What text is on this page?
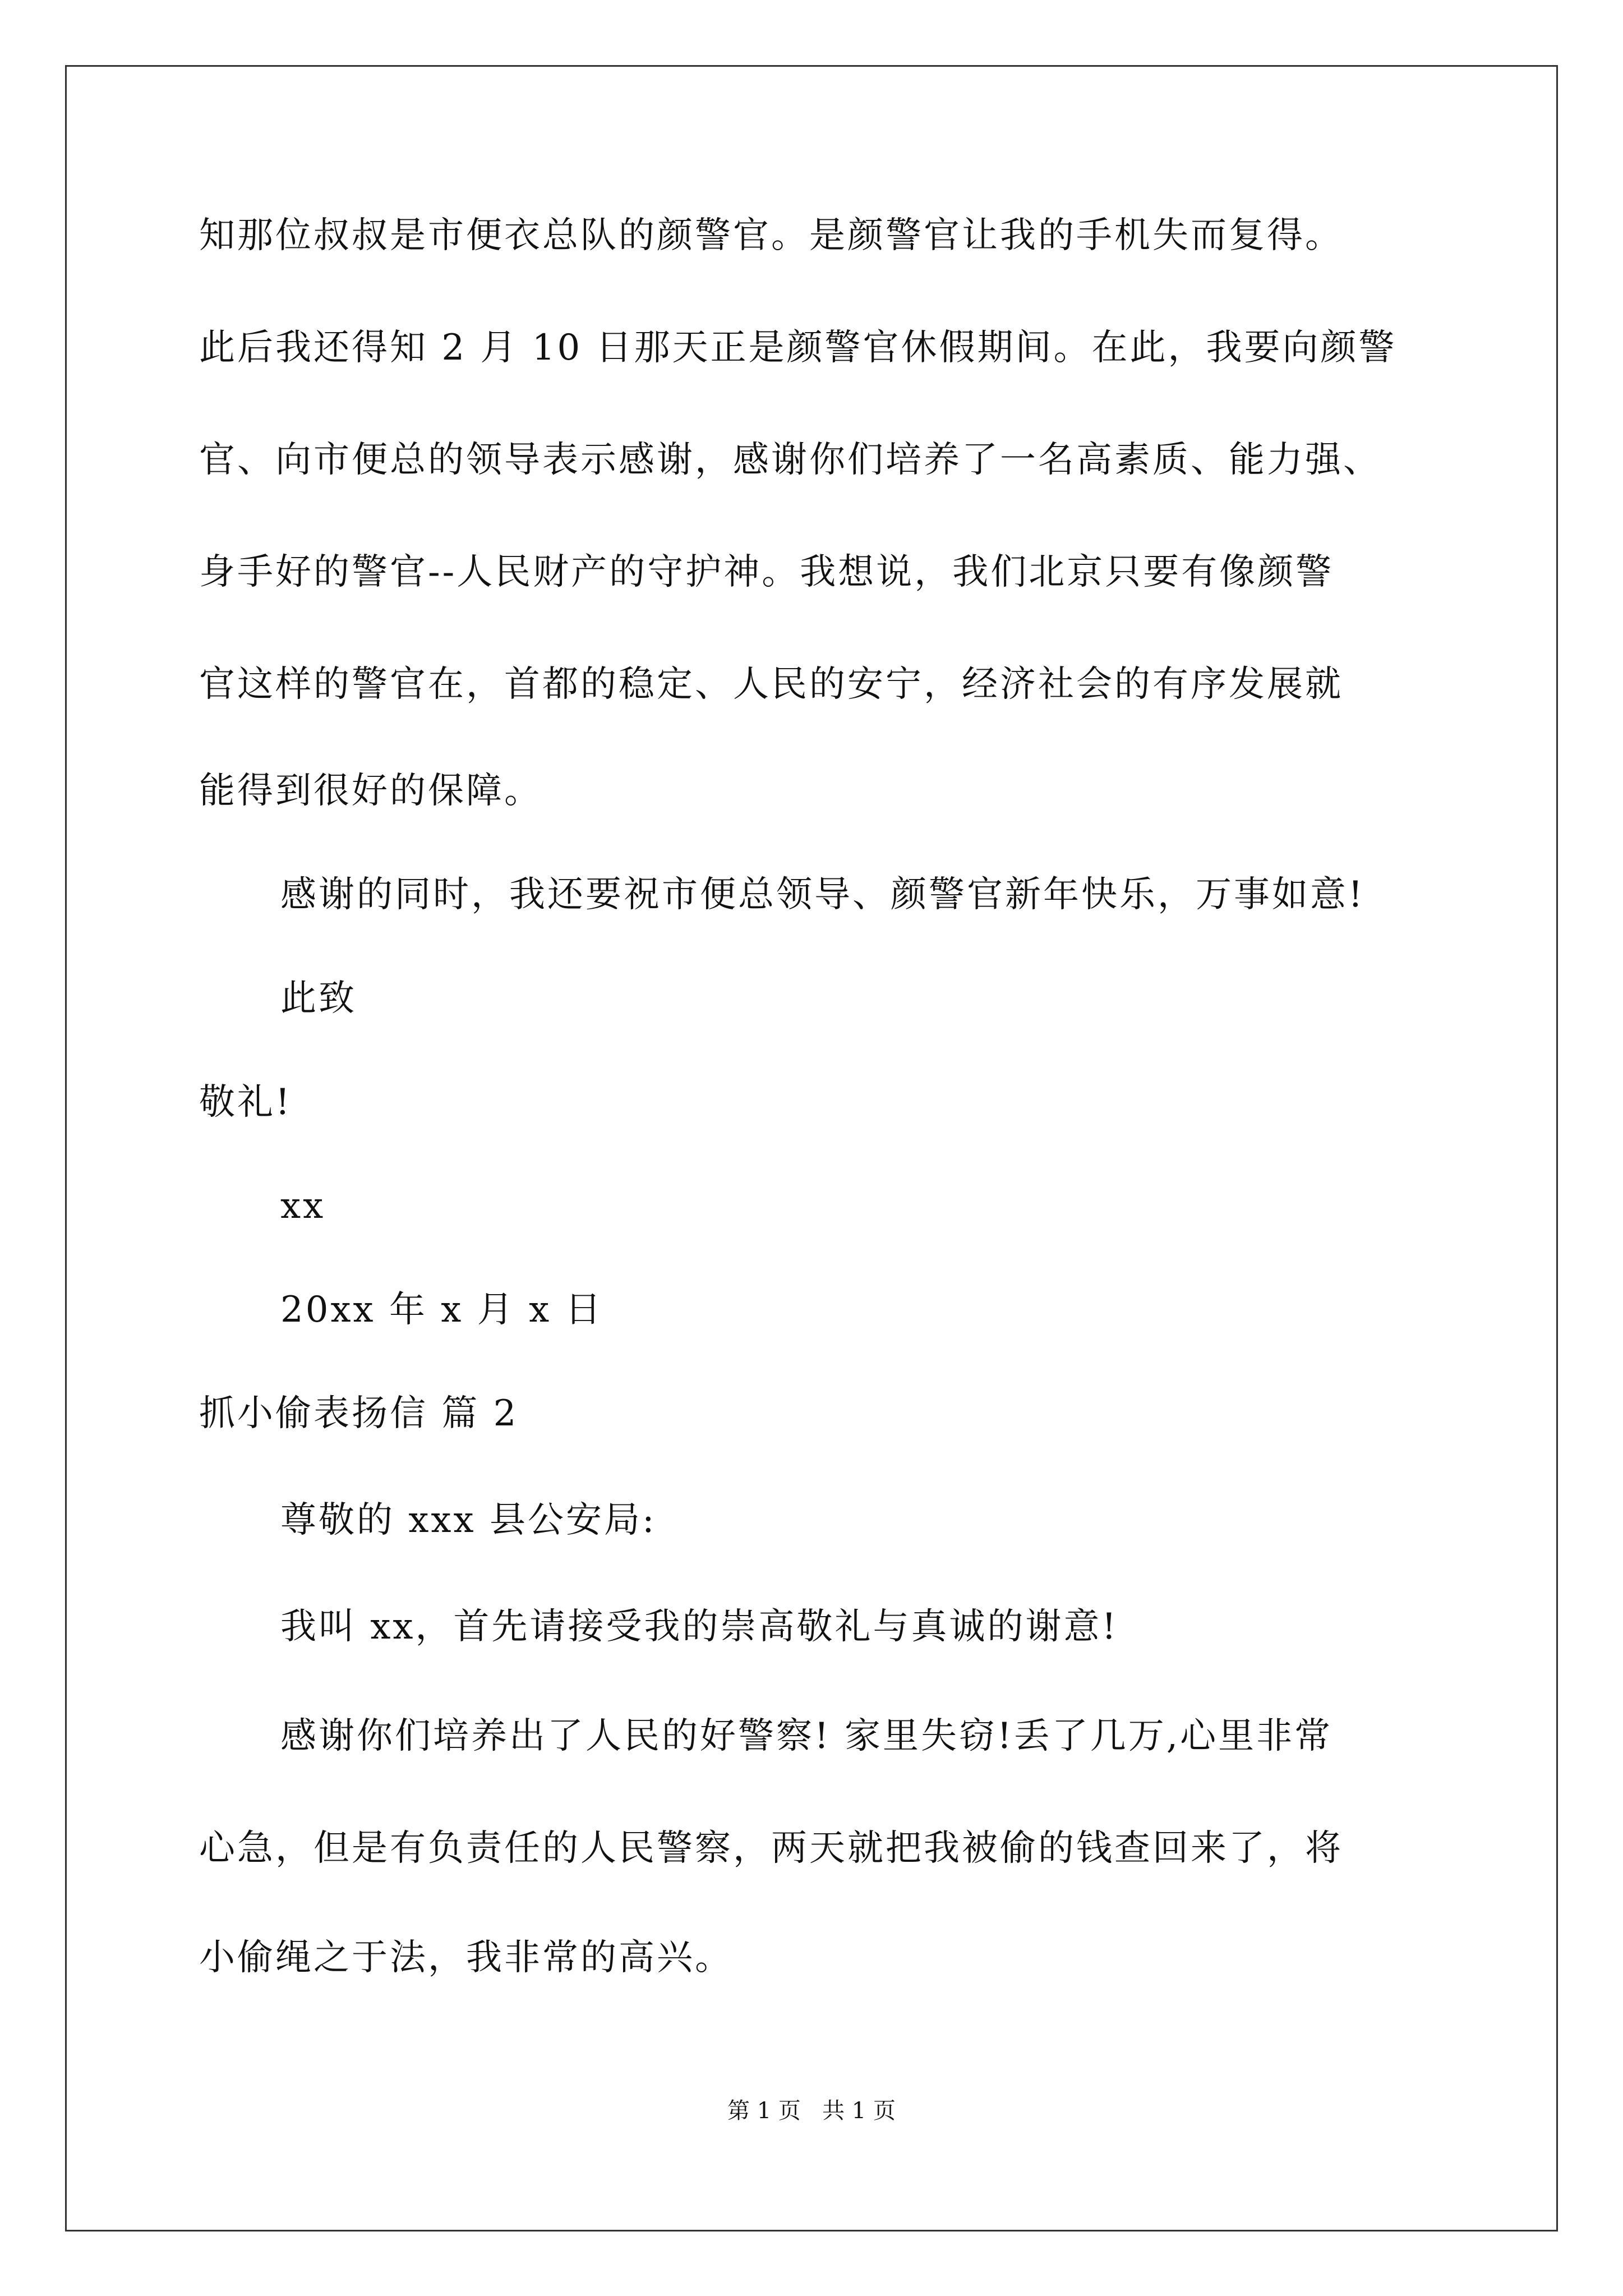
知那位叔叔是市便衣总队的颜警官。是颜警官让我的手机失而复得。
此后我还得知 2 月 10 日那天正是颜警官休假期间。在此，我要向颜警
官、向市便总的领导表示感谢，感谢你们培养了一名高素质、能力强、
身手好的警官--人民财产的守护神。我想说，我们北京只要有像颜警
官这样的警官在，首都的稳定、人民的安宁，经济社会的有序发展就
能得到很好的保障。
感谢的同时，我还要祝市便总领导、颜警官新年快乐，万事如意!
此致
敬礼!
xx
20xx 年 x 月 x 日
抓小偷表扬信 篇 2
尊敬的 xxx 县公安局:
我叫 xx，首先请接受我的崇高敬礼与真诚的谢意!
感谢你们培养出了人民的好警察! 家里失窃!丢了几万,心里非常
心急，但是有负责任的人民警察，两天就把我被偷的钱查回来了，将
小偷绳之于法，我非常的高兴。
第 1 页   共 1 页
